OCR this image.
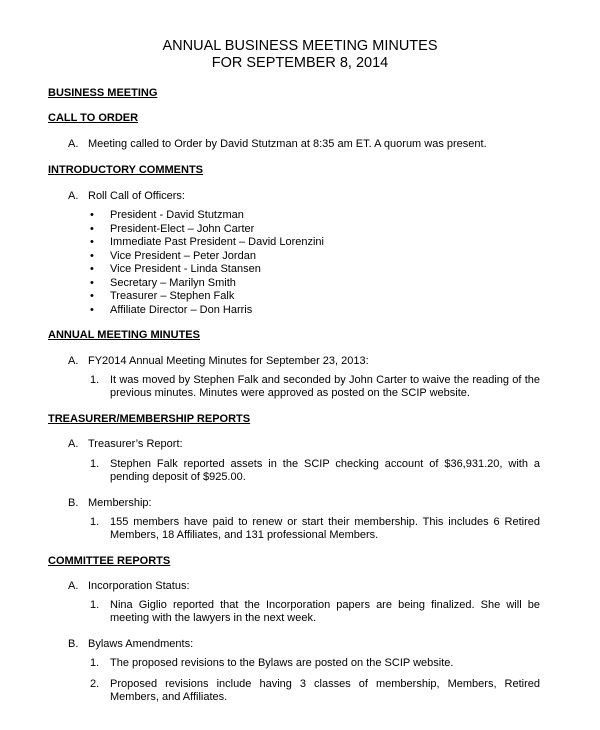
ANNUAL BUSINESS MEETING MINUTES
FOR SEPTEMBER 8, 2014
BUSINESS MEETING
CALL TO ORDER
A. Meeting called to Order by David Stutzman at 8:35 am ET. A quorum was present.
INTRODUCTORY COMMENTS
A. Roll Call of Officers:
• President - David Stutzman
• President-Elect – John Carter
• Immediate Past President – David Lorenzini
• Vice President – Peter Jordan
• Vice President - Linda Stansen
• Secretary – Marilyn Smith
• Treasurer – Stephen Falk
• Affiliate Director – Don Harris
ANNUAL MEETING MINUTES
A. FY2014 Annual Meeting Minutes for September 23, 2013:
1. It was moved by Stephen Falk and seconded by John Carter to waive the reading of the previous minutes. Minutes were approved as posted on the SCIP website.
TREASURER/MEMBERSHIP REPORTS
A. Treasurer’s Report:
1. Stephen Falk reported assets in the SCIP checking account of $36,931.20, with a pending deposit of $925.00.
B. Membership:
1. 155 members have paid to renew or start their membership. This includes 6 Retired Members, 18 Affiliates, and 131 professional Members.
COMMITTEE REPORTS
A. Incorporation Status:
1. Nina Giglio reported that the Incorporation papers are being finalized. She will be meeting with the lawyers in the next week.
B. Bylaws Amendments:
1. The proposed revisions to the Bylaws are posted on the SCIP website.
2. Proposed revisions include having 3 classes of membership, Members, Retired Members, and Affiliates.
